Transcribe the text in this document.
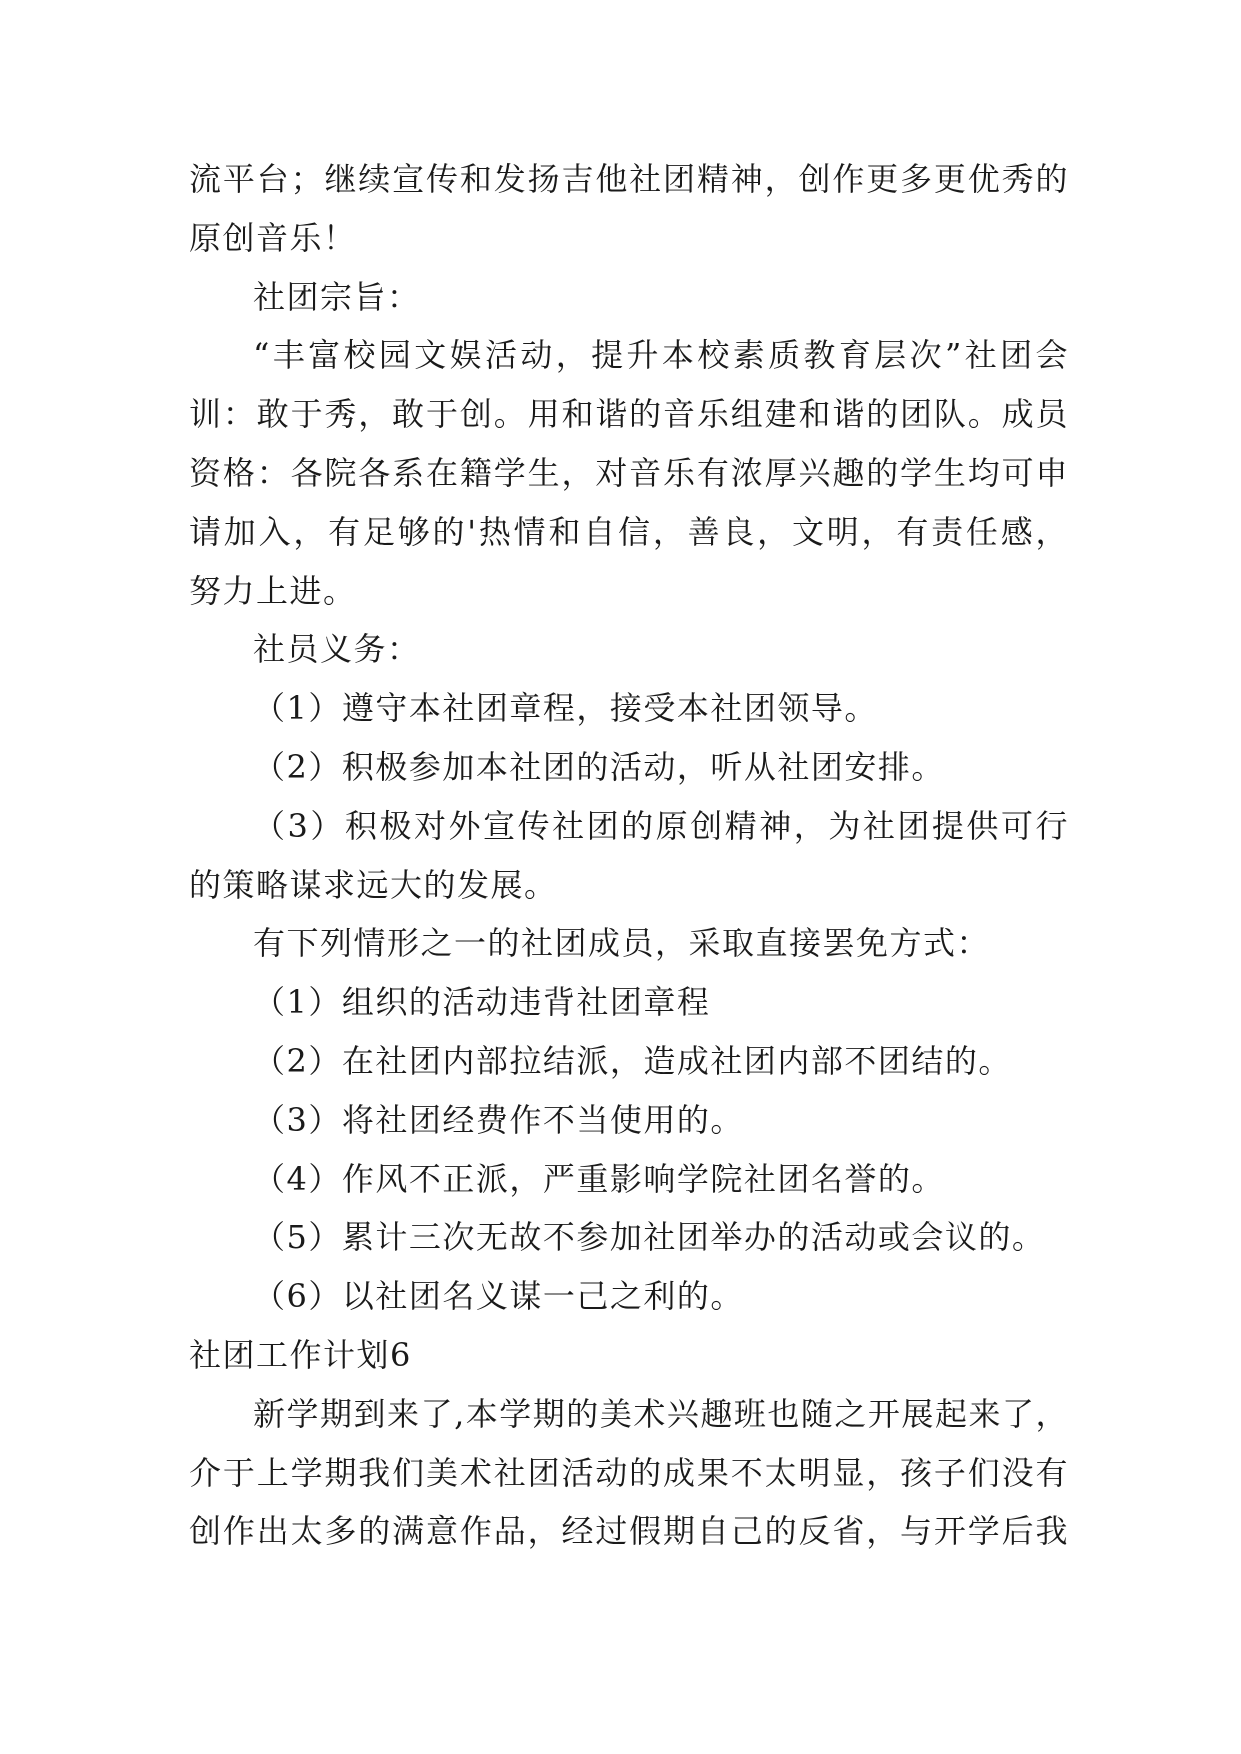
流平台；继续宣传和发扬吉他社团精神，创作更多更优秀的
原创音乐！
社团宗旨：
“丰富校园文娱活动，提升本校素质教育层次”社团会
训：敢于秀，敢于创。用和谐的音乐组建和谐的团队。成员
资格：各院各系在籍学生，对音乐有浓厚兴趣的学生均可申
请加入，有足够的'热情和自信，善良，文明，有责任感，
努力上进。
社员义务：
（1）遵守本社团章程，接受本社团领导。
（2）积极参加本社团的活动，听从社团安排。
（3）积极对外宣传社团的原创精神，为社团提供可行
的策略谋求远大的发展。
有下列情形之一的社团成员，采取直接罢免方式：
（1）组织的活动违背社团章程
（2）在社团内部拉结派，造成社团内部不团结的。
（3）将社团经费作不当使用的。
（4）作风不正派，严重影响学院社团名誉的。
（5）累计三次无故不参加社团举办的活动或会议的。
（6）以社团名义谋一己之利的。
社团工作计划6
新学期到来了,本学期的美术兴趣班也随之开展起来了，
介于上学期我们美术社团活动的成果不太明显，孩子们没有
创作出太多的满意作品，经过假期自己的反省，与开学后我
